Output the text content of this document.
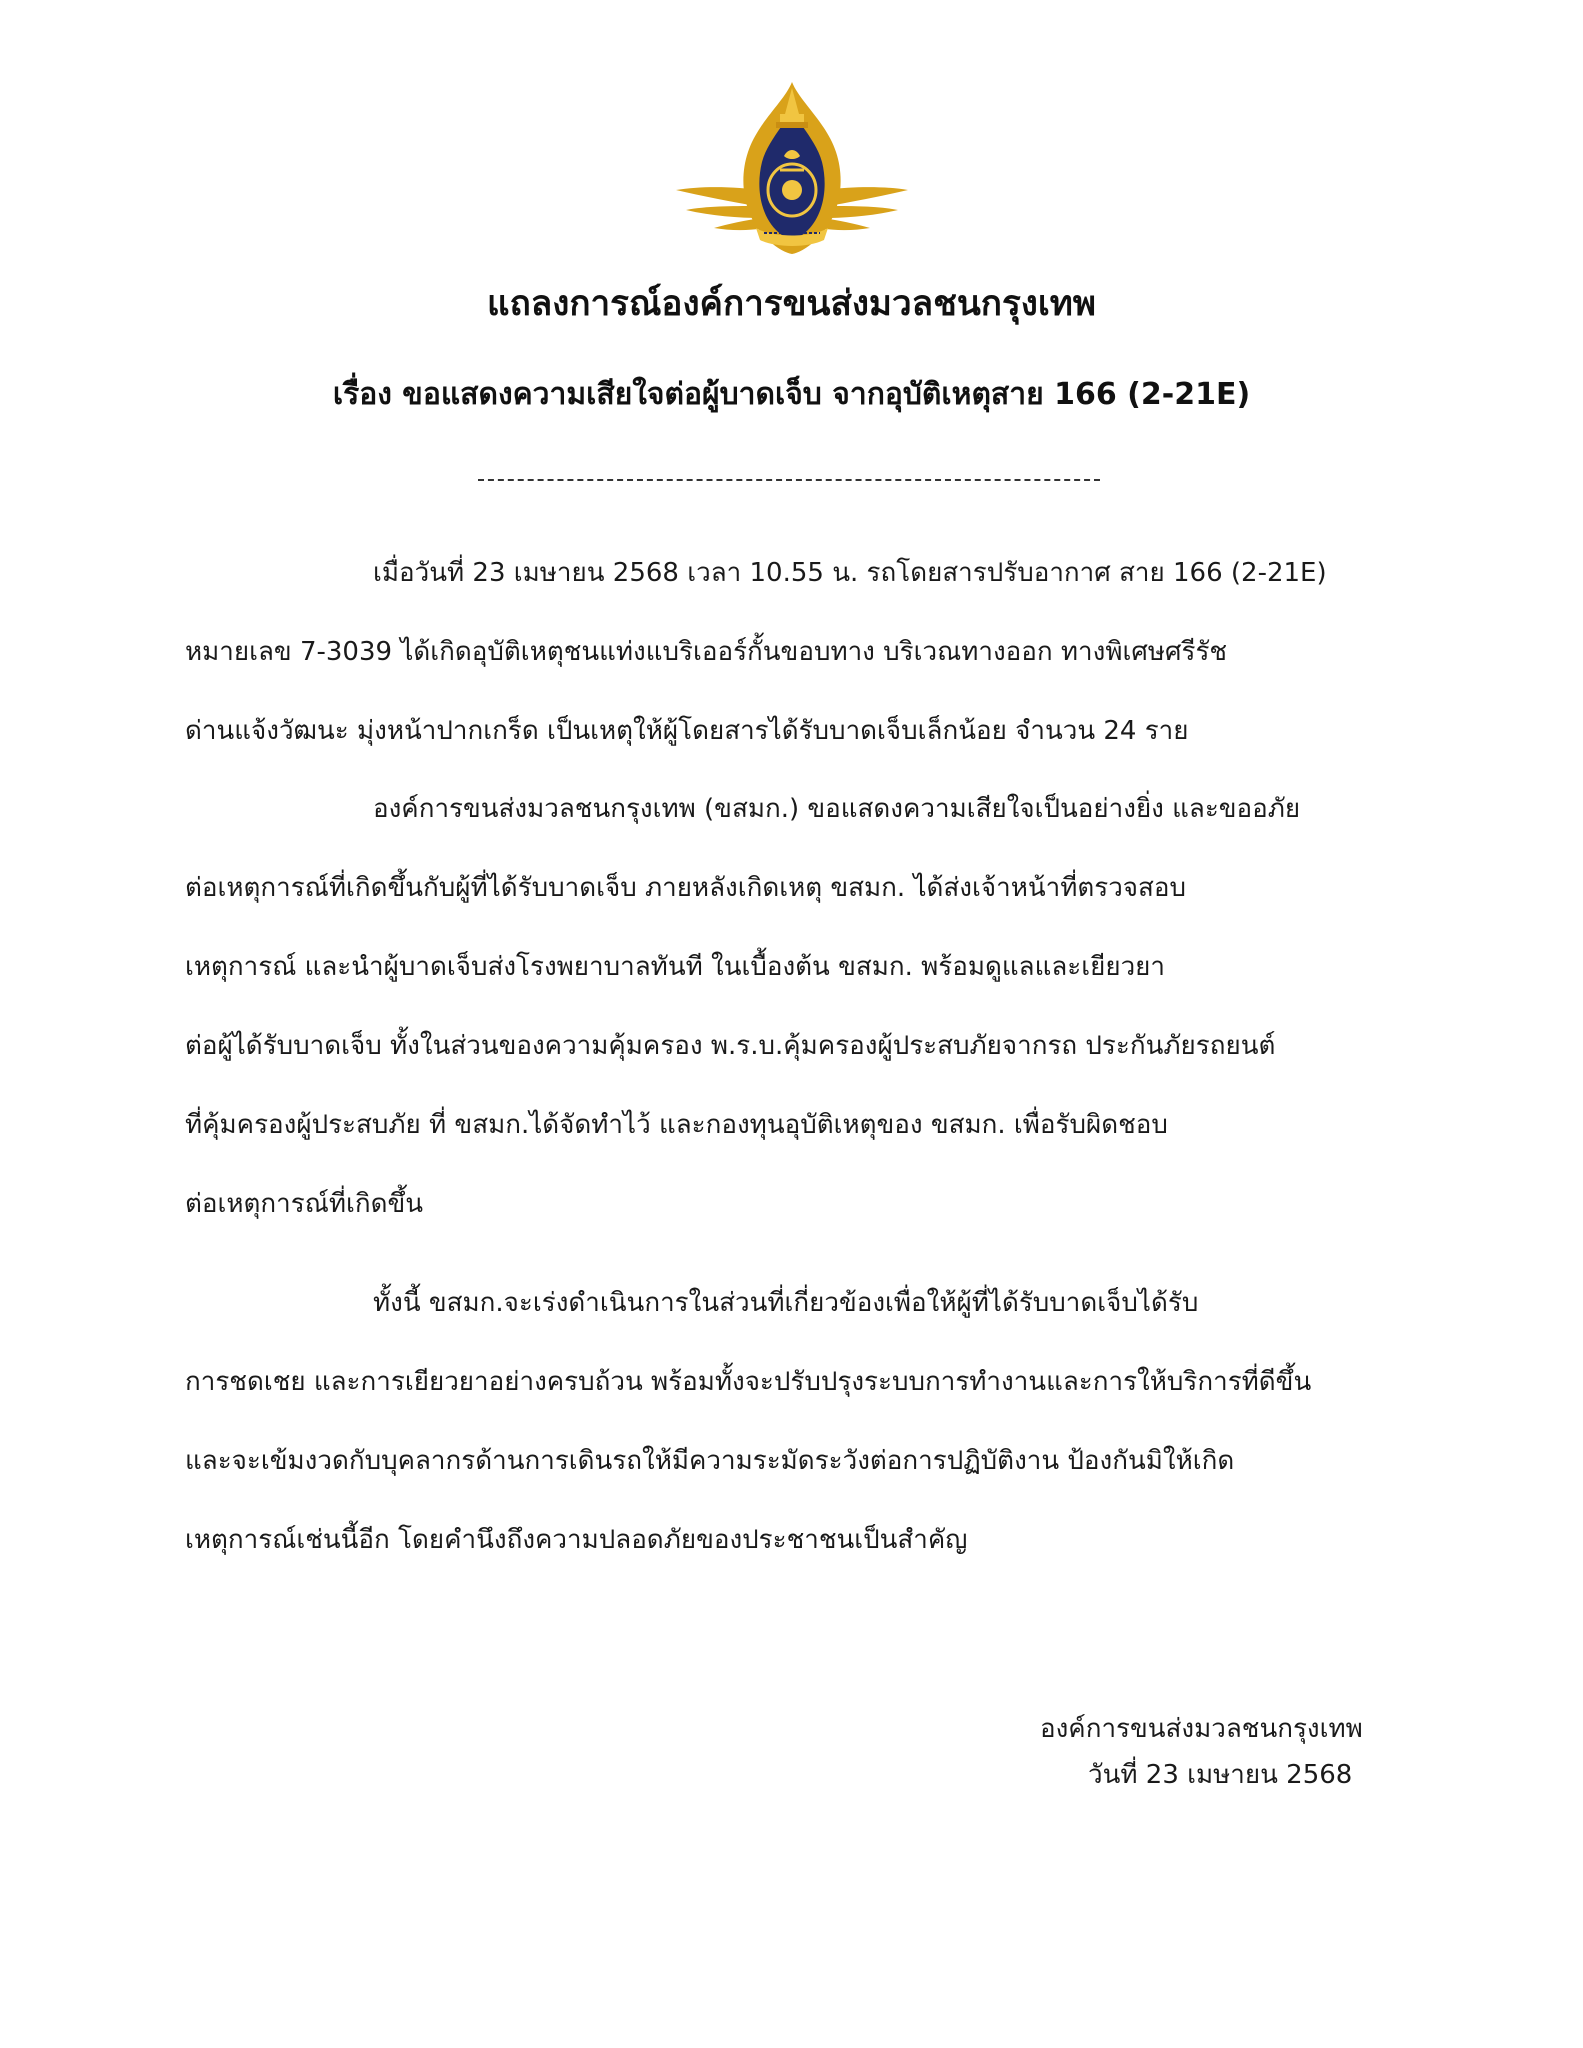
แถลงการณ์องค์การขนส่งมวลชนกรุงเทพ
เรื่อง ขอแสดงความเสียใจต่อผู้บาดเจ็บ จากอุบัติเหตุสาย 166 (2-21E)
เมื่อวันที่ 23 เมษายน 2568 เวลา 10.55 น. รถโดยสารปรับอากาศ สาย 166 (2-21E)
หมายเลข 7-3039 ได้เกิดอุบัติเหตุชนแท่งแบริเออร์กั้นขอบทาง บริเวณทางออก ทางพิเศษศรีรัช
ด่านแจ้งวัฒนะ มุ่งหน้าปากเกร็ด เป็นเหตุให้ผู้โดยสารได้รับบาดเจ็บเล็กน้อย จำนวน 24 ราย
องค์การขนส่งมวลชนกรุงเทพ (ขสมก.) ขอแสดงความเสียใจเป็นอย่างยิ่ง และขออภัย
ต่อเหตุการณ์ที่เกิดขึ้นกับผู้ที่ได้รับบาดเจ็บ ภายหลังเกิดเหตุ ขสมก. ได้ส่งเจ้าหน้าที่ตรวจสอบ
เหตุการณ์ และนำผู้บาดเจ็บส่งโรงพยาบาลทันที ในเบื้องต้น ขสมก. พร้อมดูแลและเยียวยา
ต่อผู้ได้รับบาดเจ็บ ทั้งในส่วนของความคุ้มครอง พ.ร.บ.คุ้มครองผู้ประสบภัยจากรถ ประกันภัยรถยนต์
ที่คุ้มครองผู้ประสบภัย ที่ ขสมก.ได้จัดทำไว้ และกองทุนอุบัติเหตุของ ขสมก. เพื่อรับผิดชอบ
ต่อเหตุการณ์ที่เกิดขึ้น
ทั้งนี้ ขสมก.จะเร่งดำเนินการในส่วนที่เกี่ยวข้องเพื่อให้ผู้ที่ได้รับบาดเจ็บได้รับ
การชดเชย และการเยียวยาอย่างครบถ้วน พร้อมทั้งจะปรับปรุงระบบการทำงานและการให้บริการที่ดีขึ้น
และจะเข้มงวดกับบุคลากรด้านการเดินรถให้มีความระมัดระวังต่อการปฏิบัติงาน ป้องกันมิให้เกิด
เหตุการณ์เช่นนี้อีก โดยคำนึงถึงความปลอดภัยของประชาชนเป็นสำคัญ
องค์การขนส่งมวลชนกรุงเทพ
วันที่ 23 เมษายน 2568
